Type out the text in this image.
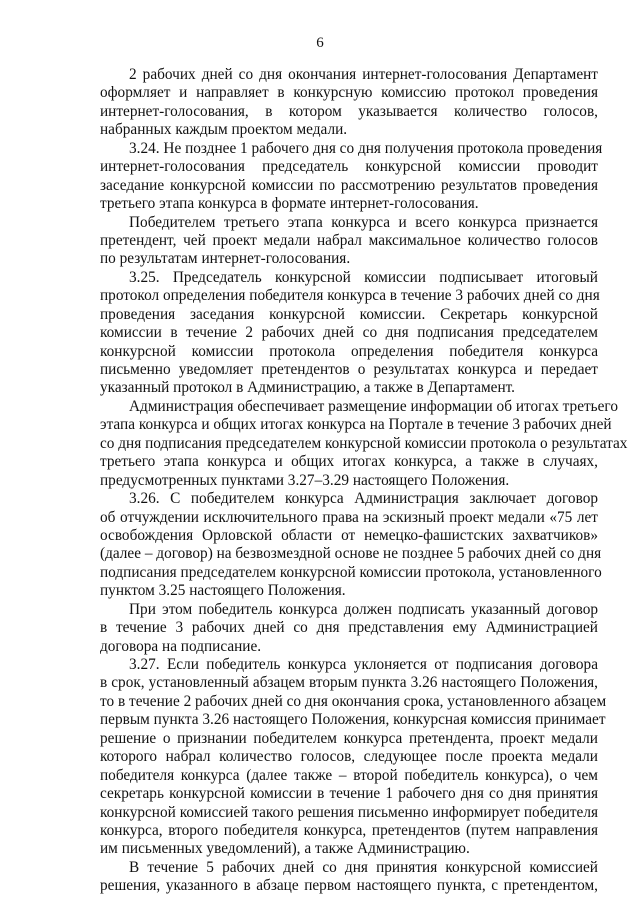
6
2 рабочих дней со дня окончания интернет-голосования Департамент
оформляет и направляет в конкурсную комиссию протокол проведения
интернет-голосования, в котором указывается количество голосов,
набранных каждым проектом медали.
3.24. Не позднее 1 рабочего дня со дня получения протокола проведения
интернет-голосования председатель конкурсной комиссии проводит
заседание конкурсной комиссии по рассмотрению результатов проведения
третьего этапа конкурса в формате интернет-голосования.
Победителем третьего этапа конкурса и всего конкурса признается
претендент, чей проект медали набрал максимальное количество голосов
по результатам интернет-голосования.
3.25. Председатель конкурсной комиссии подписывает итоговый
протокол определения победителя конкурса в течение 3 рабочих дней со дня
проведения заседания конкурсной комиссии. Секретарь конкурсной
комиссии в течение 2 рабочих дней со дня подписания председателем
конкурсной комиссии протокола определения победителя конкурса
письменно уведомляет претендентов о результатах конкурса и передает
указанный протокол в Администрацию, а также в Департамент.
Администрация обеспечивает размещение информации об итогах третьего
этапа конкурса и общих итогах конкурса на Портале в течение 3 рабочих дней
со дня подписания председателем конкурсной комиссии протокола о результатах
третьего этапа конкурса и общих итогах конкурса, а также в случаях,
предусмотренных пунктами 3.27–3.29 настоящего Положения.
3.26. С победителем конкурса Администрация заключает договор
об отчуждении исключительного права на эскизный проект медали «75 лет
освобождения Орловской области от немецко-фашистских захватчиков»
(далее – договор) на безвозмездной основе не позднее 5 рабочих дней со дня
подписания председателем конкурсной комиссии протокола, установленного
пунктом 3.25 настоящего Положения.
При этом победитель конкурса должен подписать указанный договор
в течение 3 рабочих дней со дня представления ему Администрацией
договора на подписание.
3.27. Если победитель конкурса уклоняется от подписания договора
в срок, установленный абзацем вторым пункта 3.26 настоящего Положения,
то в течение 2 рабочих дней со дня окончания срока, установленного абзацем
первым пункта 3.26 настоящего Положения, конкурсная комиссия принимает
решение о признании победителем конкурса претендента, проект медали
которого набрал количество голосов, следующее после проекта медали
победителя конкурса (далее также – второй победитель конкурса), о чем
секретарь конкурсной комиссии в течение 1 рабочего дня со дня принятия
конкурсной комиссией такого решения письменно информирует победителя
конкурса, второго победителя конкурса, претендентов (путем направления
им письменных уведомлений), а также Администрацию.
В течение 5 рабочих дней со дня принятия конкурсной комиссией
решения, указанного в абзаце первом настоящего пункта, с претендентом,
